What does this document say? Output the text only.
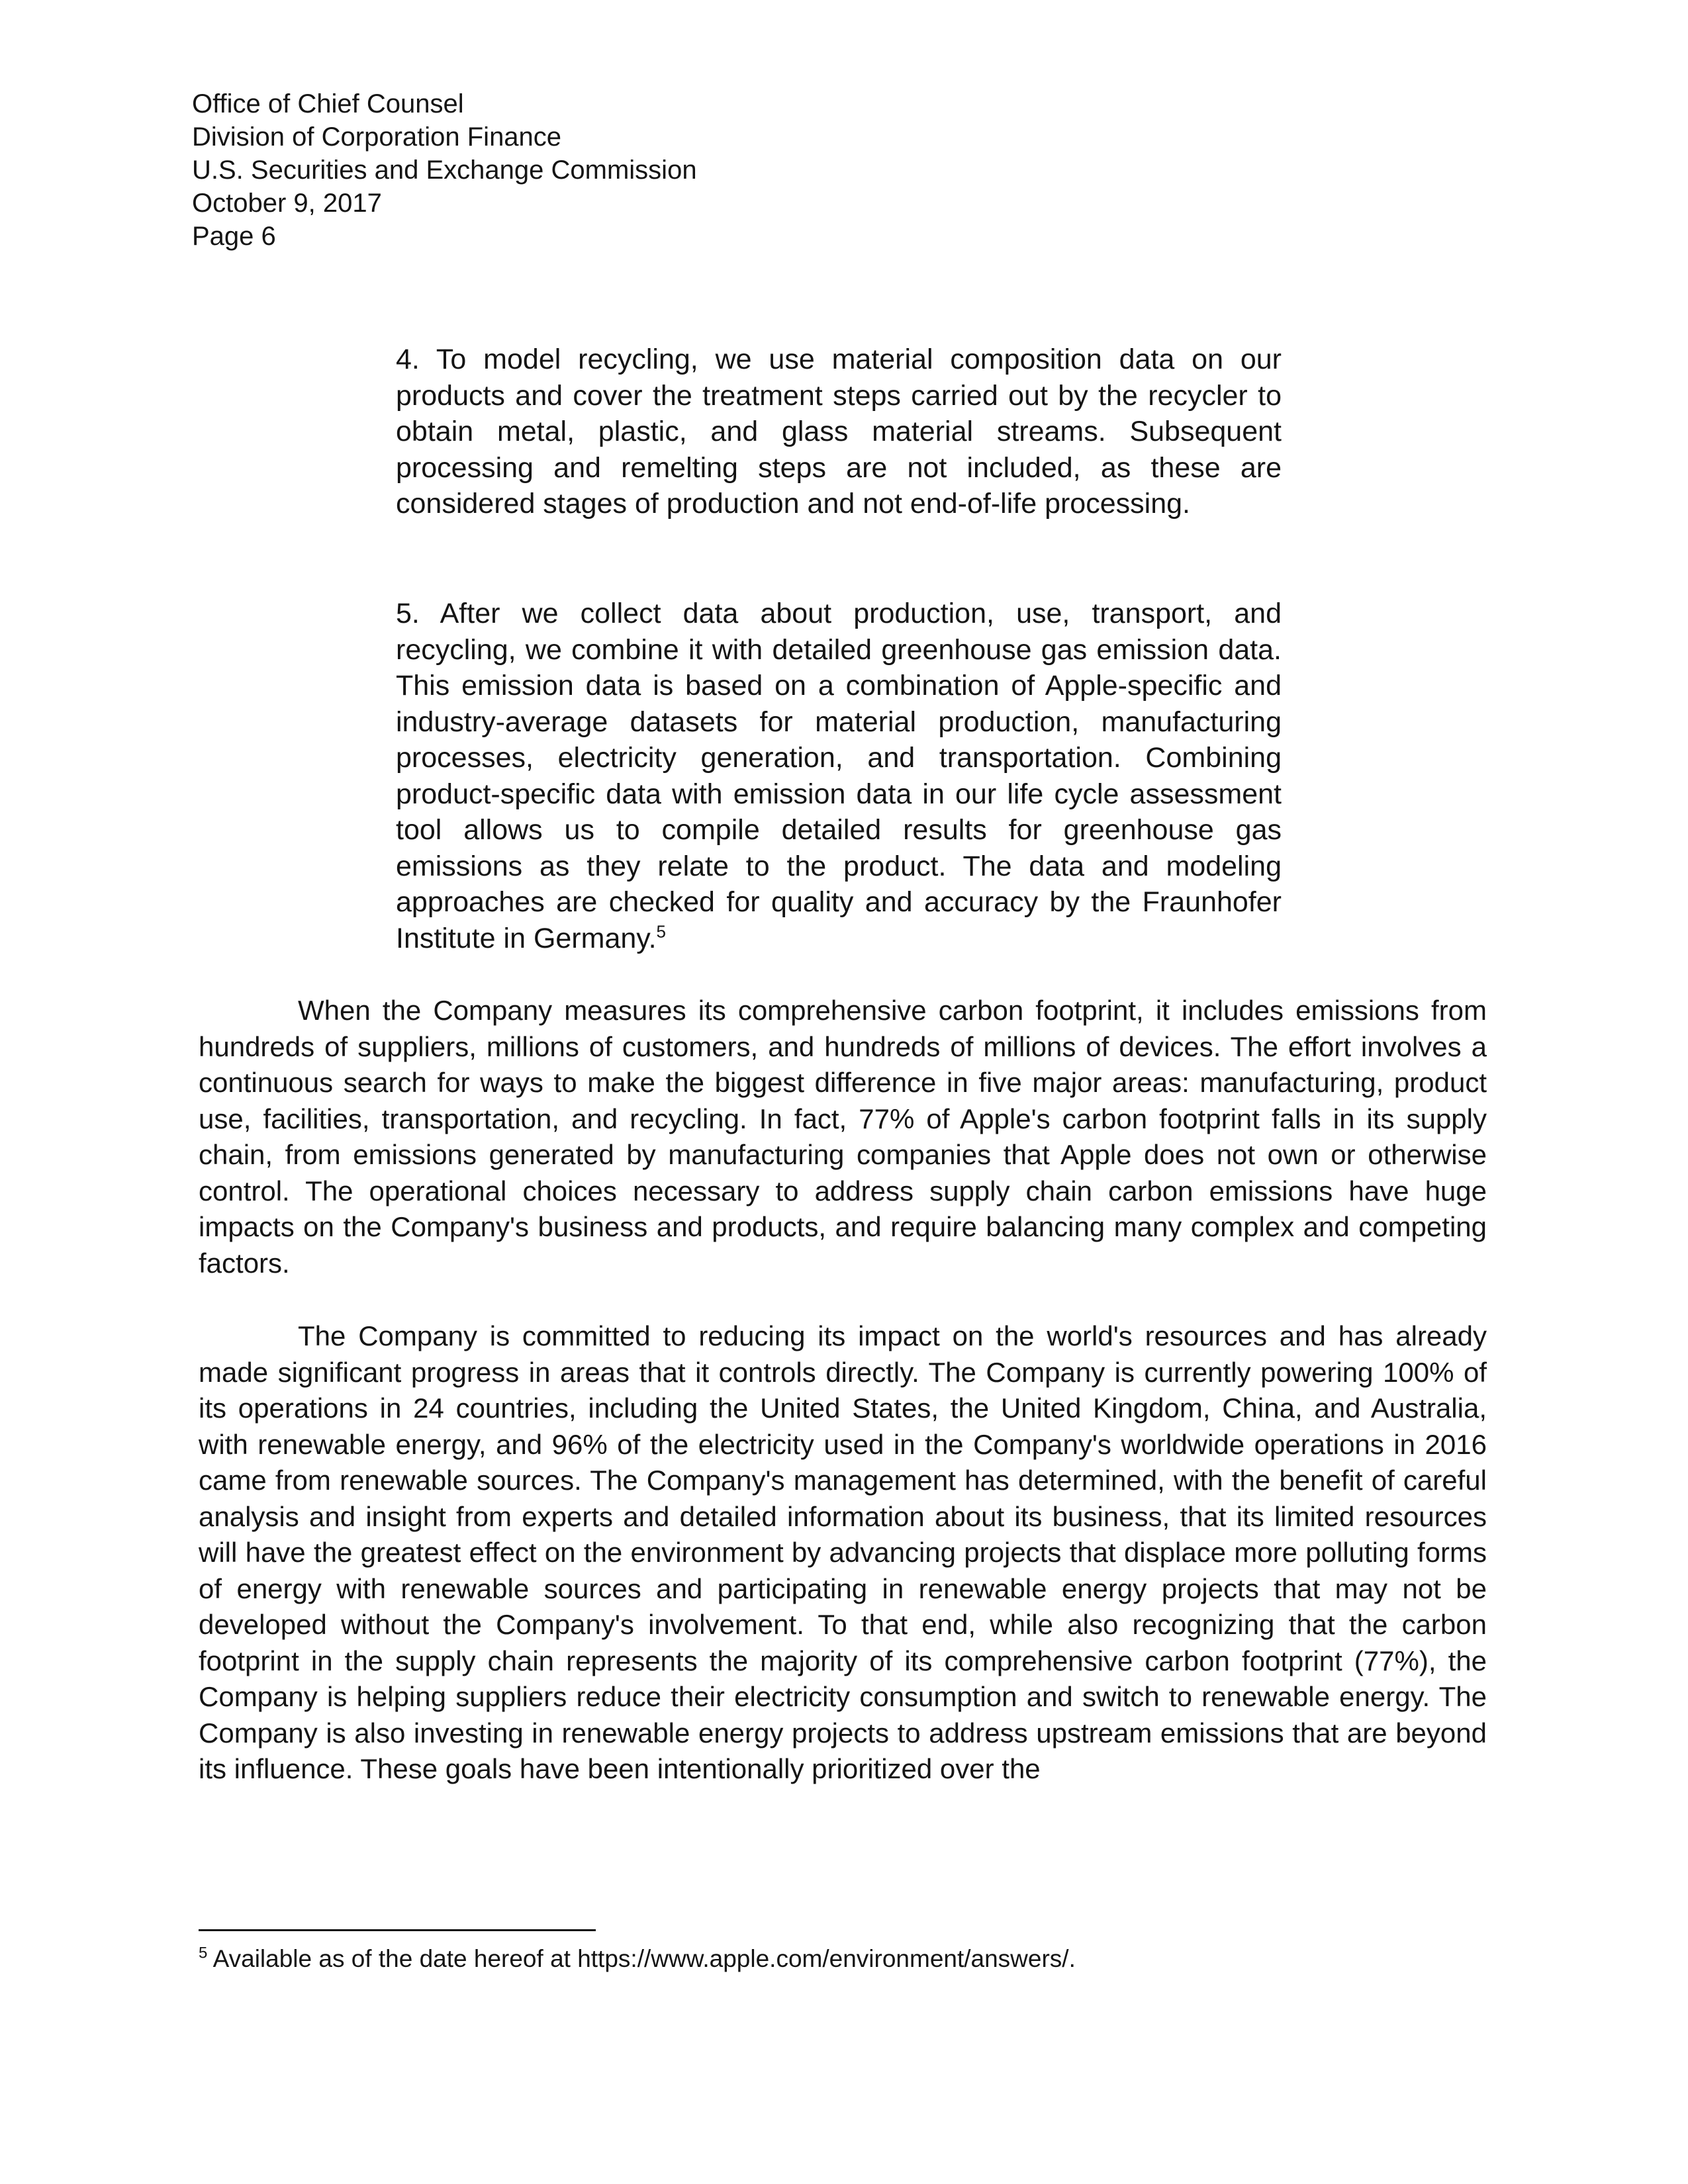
Office of Chief Counsel
Division of Corporation Finance
U.S. Securities and Exchange Commission
October 9, 2017
Page 6

4. To model recycling, we use material composition data on our products and cover the treatment steps carried out by the recycler to obtain metal, plastic, and glass material streams. Subsequent processing and remelting steps are not included, as these are considered stages of production and not end-of-life processing.

5. After we collect data about production, use, transport, and recycling, we combine it with detailed greenhouse gas emission data. This emission data is based on a combination of Apple-specific and industry-average datasets for material production, manufacturing processes, electricity generation, and transportation. Combining product-specific data with emission data in our life cycle assessment tool allows us to compile detailed results for greenhouse gas emissions as they relate to the product. The data and modeling approaches are checked for quality and accuracy by the Fraunhofer Institute in Germany.$^5$

When the Company measures its comprehensive carbon footprint, it includes emissions from hundreds of suppliers, millions of customers, and hundreds of millions of devices. The effort involves a continuous search for ways to make the biggest difference in five major areas: manufacturing, product use, facilities, transportation, and recycling. In fact, 77% of Apple's carbon footprint falls in its supply chain, from emissions generated by manufacturing companies that Apple does not own or otherwise control. The operational choices necessary to address supply chain carbon emissions have huge impacts on the Company's business and products, and require balancing many complex and competing factors.

The Company is committed to reducing its impact on the world's resources and has already made significant progress in areas that it controls directly. The Company is currently powering 100% of its operations in 24 countries, including the United States, the United Kingdom, China, and Australia, with renewable energy, and 96% of the electricity used in the Company's worldwide operations in 2016 came from renewable sources. The Company's management has determined, with the benefit of careful analysis and insight from experts and detailed information about its business, that its limited resources will have the greatest effect on the environment by advancing projects that displace more polluting forms of energy with renewable sources and participating in renewable energy projects that may not be developed without the Company's involvement. To that end, while also recognizing that the carbon footprint in the supply chain represents the majority of its comprehensive carbon footprint (77%), the Company is helping suppliers reduce their electricity consumption and switch to renewable energy. The Company is also investing in renewable energy projects to address upstream emissions that are beyond its influence. These goals have been intentionally prioritized over the

$^5$ Available as of the date hereof at https://www.apple.com/environment/answers/.
